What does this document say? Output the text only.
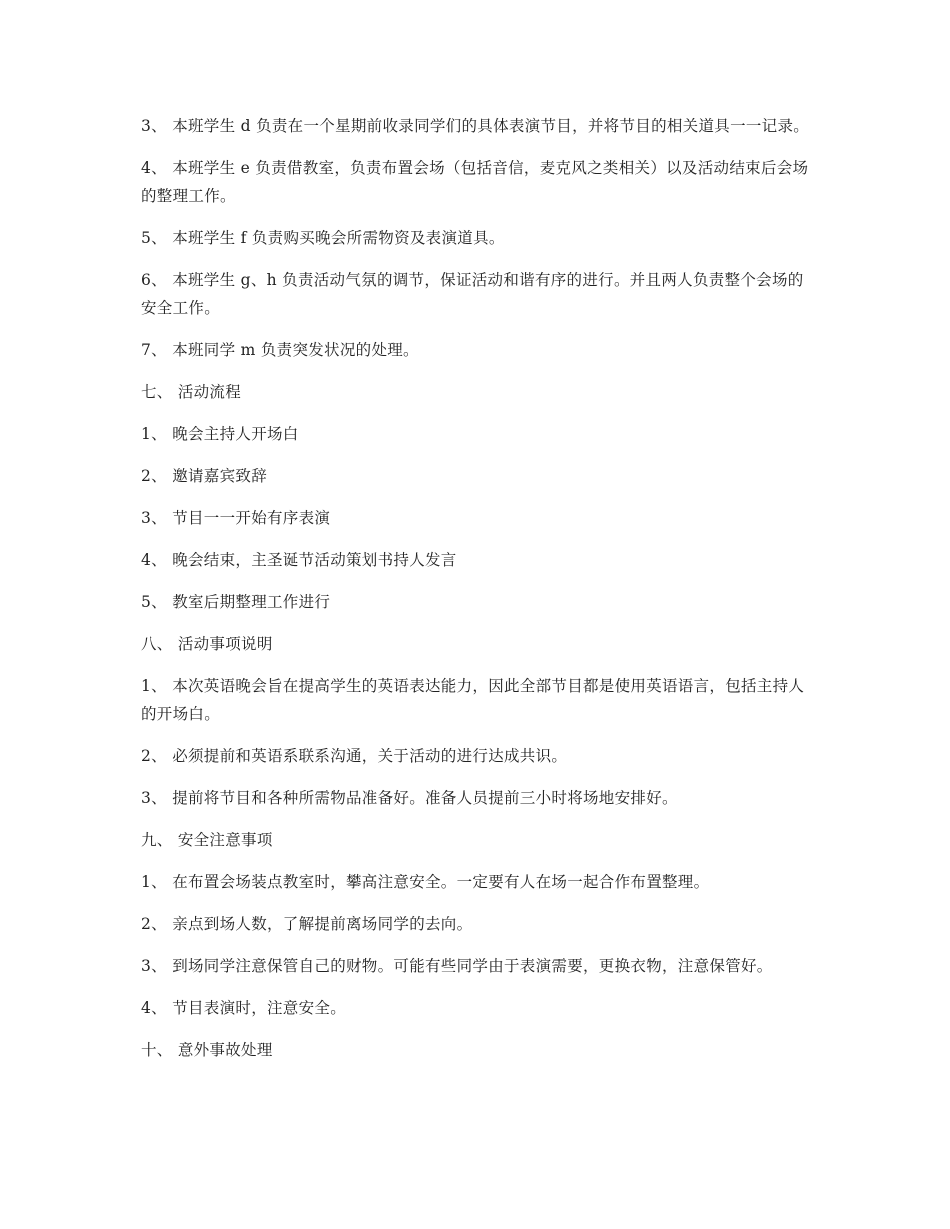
3、 本班学生 d 负责在一个星期前收录同学们的具体表演节目，并将节目的相关道具一一记录。

4、 本班学生 e 负责借教室，负责布置会场（包括音信，麦克风之类相关）以及活动结束后会场的整理工作。

5、 本班学生 f 负责购买晚会所需物资及表演道具。

6、 本班学生 g、h 负责活动气氛的调节，保证活动和谐有序的进行。并且两人负责整个会场的安全工作。

7、 本班同学 m 负责突发状况的处理。

七、 活动流程

1、 晚会主持人开场白

2、 邀请嘉宾致辞

3、 节目一一开始有序表演

4、 晚会结束，主圣诞节活动策划书持人发言

5、 教室后期整理工作进行

八、 活动事项说明

1、 本次英语晚会旨在提高学生的英语表达能力，因此全部节目都是使用英语语言，包括主持人的开场白。

2、 必须提前和英语系联系沟通，关于活动的进行达成共识。

3、 提前将节目和各种所需物品准备好。准备人员提前三小时将场地安排好。

九、 安全注意事项

1、 在布置会场装点教室时，攀高注意安全。一定要有人在场一起合作布置整理。

2、 亲点到场人数，了解提前离场同学的去向。

3、 到场同学注意保管自己的财物。可能有些同学由于表演需要，更换衣物，注意保管好。

4、 节目表演时，注意安全。

十、 意外事故处理
